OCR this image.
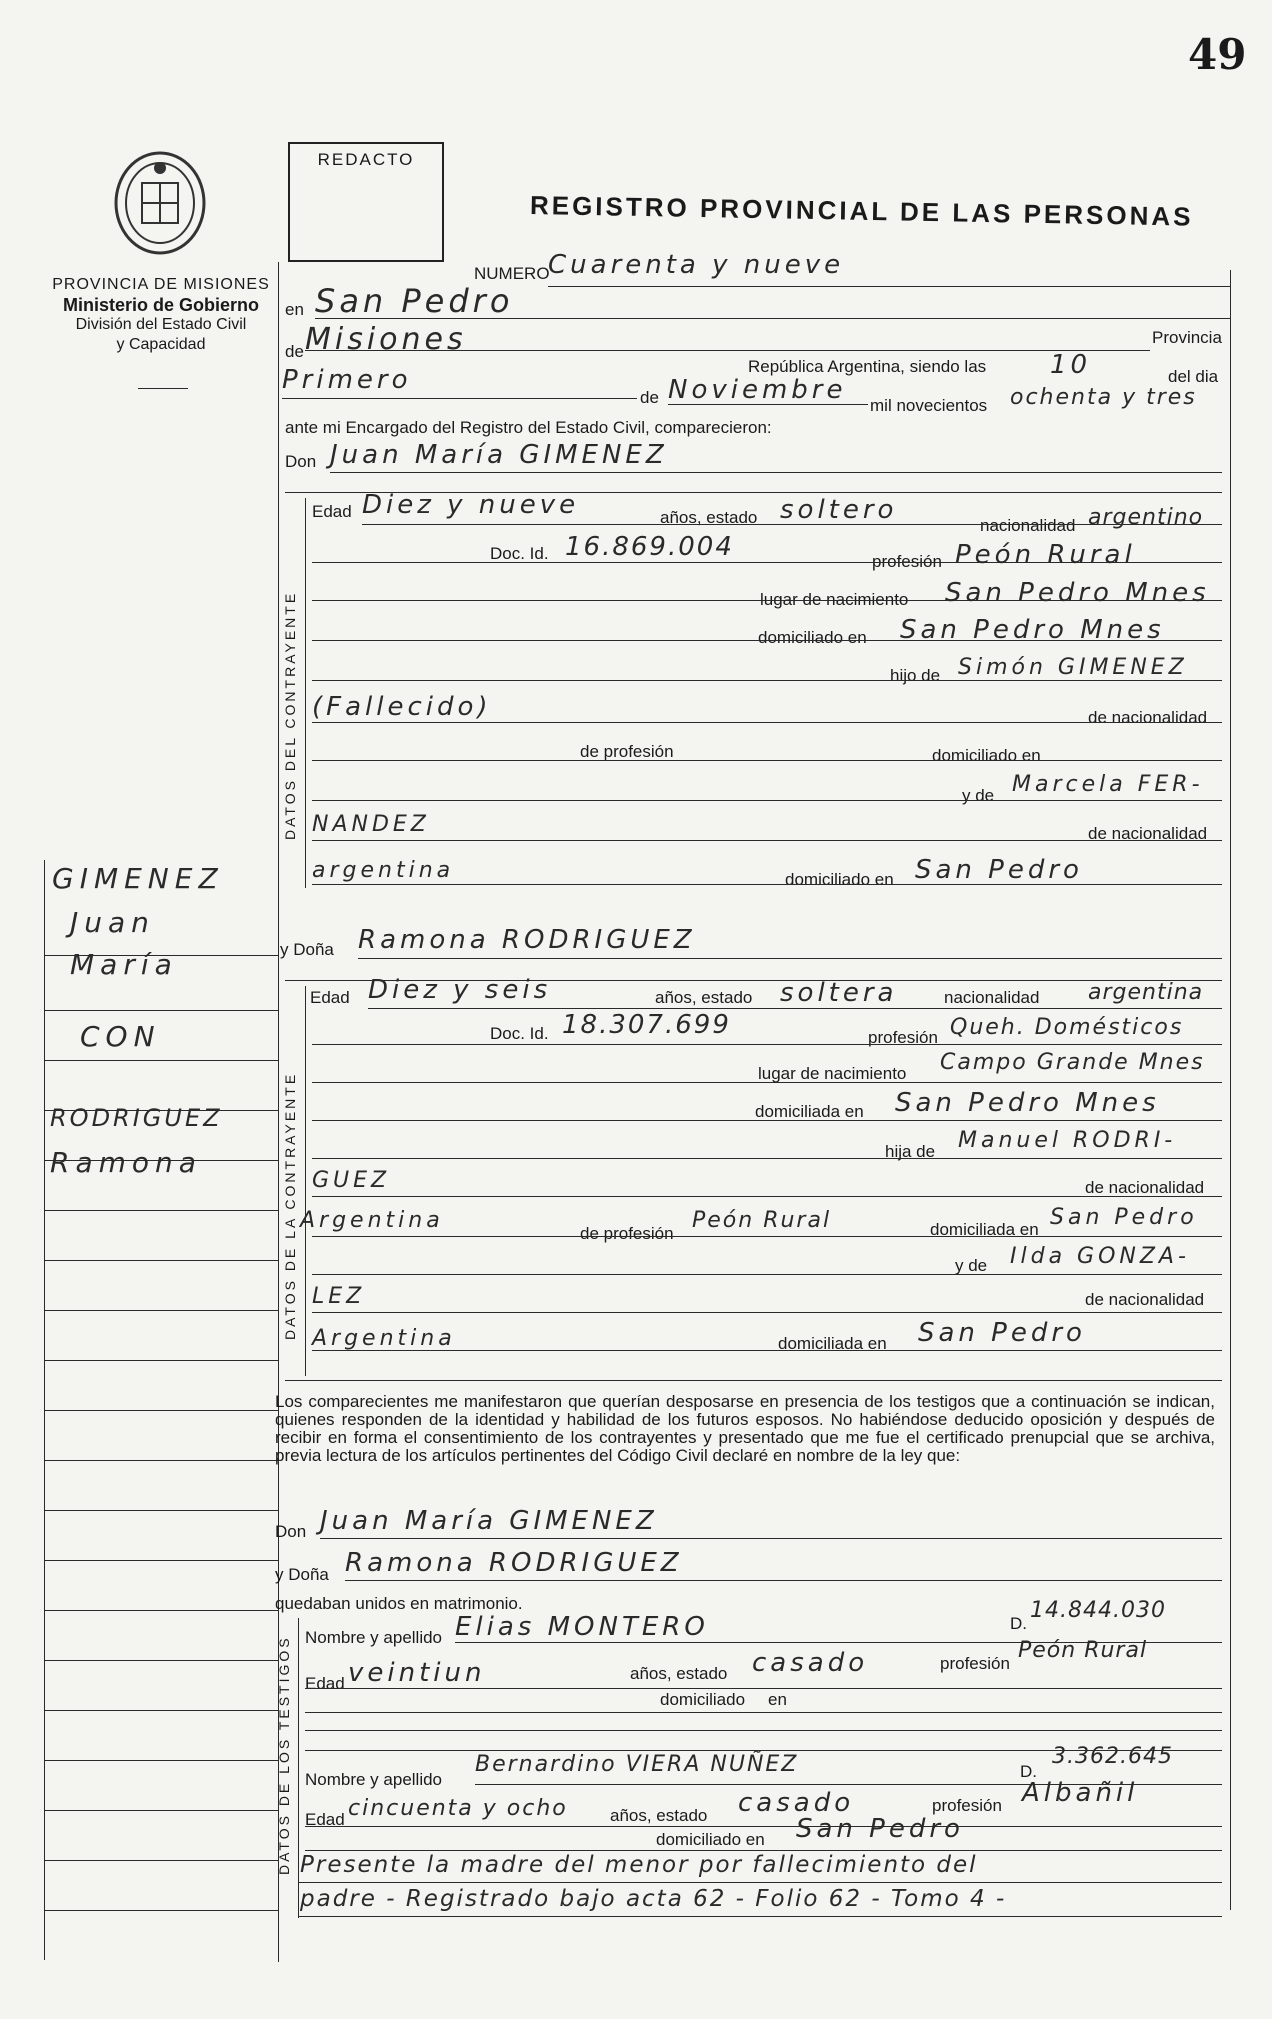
49
PROVINCIA DE MISIONES
Ministerio de Gobierno
División del Estado Civil
y Capacidad
REDACTO
REGISTRO PROVINCIAL DE LAS PERSONAS
GIMENEZ
Juan
María
CON
RODRIGUEZ
Ramona
NUMERO
Cuarenta y nueve
en San Pedro
de Misiones	Provincia
República Argentina, siendo las 10	del dia
Primero
de Noviembre
mil novecientos ochenta y tres
ante mi Encargado del Registro del Estado Civil, comparecieron:
Don Juan María GIMENEZ
DATOS DEL CONTRAYENTE
Edad Diez y nueve	años, estado soltero
nacionalidad argentino
Doc. Id. 16.869.004	profesión Peón Rural
lugar de nacimiento San Pedro Mnes
domiciliado en San Pedro Mnes
hijo de Simón GIMENEZ
(Fallecido)	de nacionalidad
de profesión	domiciliado en
y de Marcela FER-
NANDEZ	de nacionalidad
argentina	domiciliado en San Pedro
y Doña Ramona RODRIGUEZ
DATOS DE LA CONTRAYENTE
Edad Diez y seis	años, estado soltera	nacionalidad argentina
Doc. Id. 18.307.699	profesión Queh. Domésticos
lugar de nacimiento Campo Grande Mnes
domiciliada en San Pedro Mnes
hija de Manuel RODRI-
GUEZ	de nacionalidad
Argentina
de profesión
Peón Rural	domiciliada en San Pedro
y de Ilda GONZA-
LEZ	de nacionalidad
Argentina	domiciliada en San Pedro
Los comparecientes me manifestaron que querían desposarse en presencia de los testigos que a continuación se indican, quienes responden de la identidad y habilidad de los futuros esposos. No habiéndose deducido oposición y después de recibir en forma el consentimiento de los contrayentes y presentado que me fue el certificado prenupcial que se archiva, previa lectura de los artículos pertinentes del Código Civil declaré en nombre de la ley que:
Don Juan María GIMENEZ
y Doña Ramona RODRIGUEZ
quedaban unidos en matrimonio.
DATOS DE LOS TESTIGOS Nombre y apellido Elias MONTERO	D.
14.844.030
Edad veintiun	años, estado casado	profesión
Peón Rural
domiciliado en
Nombre y apellido
Bernardino VIERA NUÑEZ	D.
3.362.645
Edad cincuenta y ocho años, estado casado	profesión Albañil
domiciliado en San Pedro
Presente la madre del menor por fallecimiento del
padre - Registrado bajo acta 62 - Folio 62 - Tomo 4 -
